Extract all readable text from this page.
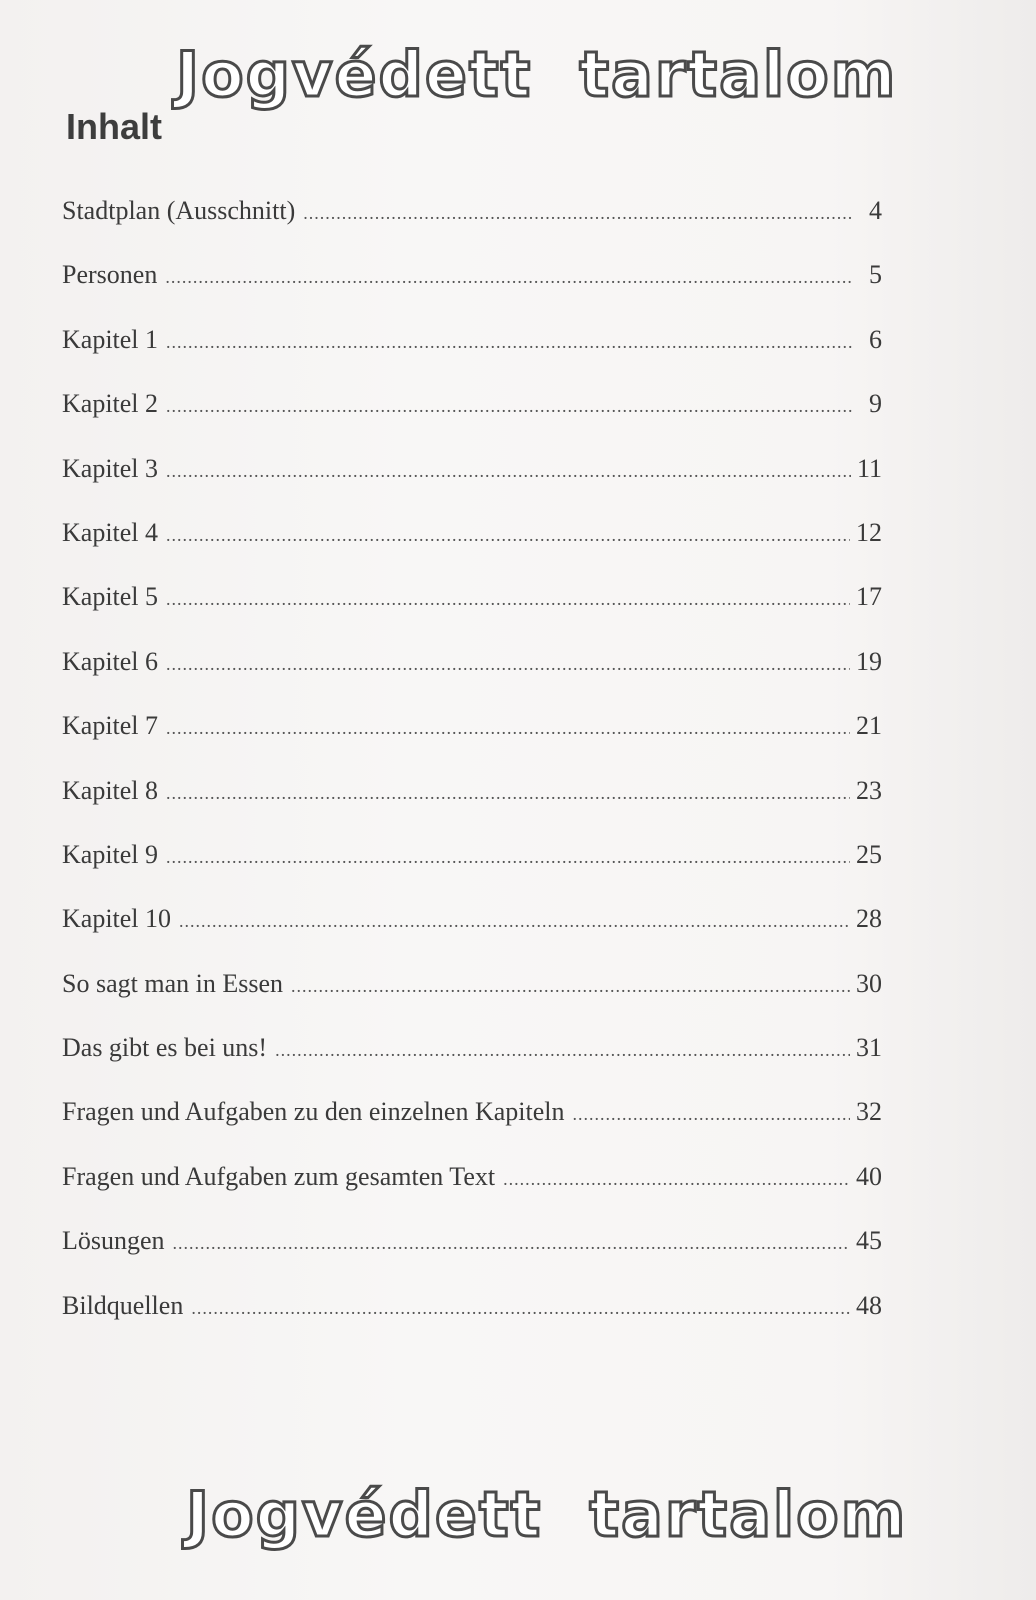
Jogvédett  tartalom
Inhalt
Stadtplan (Ausschnitt) .....	4
Personen .....	5
Kapitel 1 .....	6
Kapitel 2 .....	9
Kapitel 3 .....	11
Kapitel 4 .....	12
Kapitel 5 .....	17
Kapitel 6 .....	19
Kapitel 7 .....	21
Kapitel 8 .....	23
Kapitel 9 .....	25
Kapitel 10 .....	28
So sagt man in Essen .....	30
Das gibt es bei uns! .....	31
Fragen und Aufgaben zu den einzelnen Kapiteln .....	32
Fragen und Aufgaben zum gesamten Text .....	40
Lösungen .....	45
Bildquellen .....	48
Jogvédett  tartalom
